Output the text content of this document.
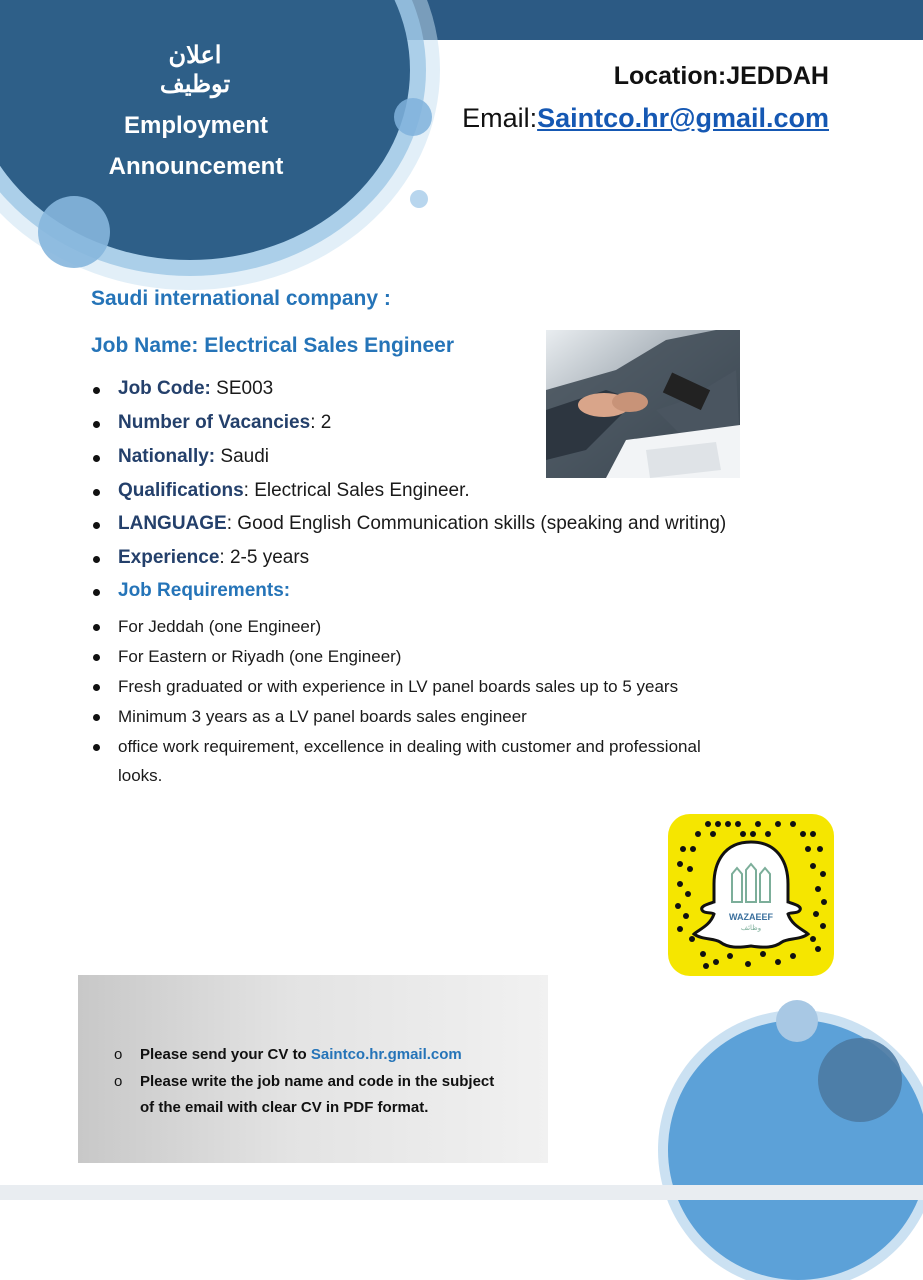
اعلان توظيف
Employment
Announcement
Location:JEDDAH
Email:Saintco.hr@gmail.com
Saudi international company :
Job Name: Electrical Sales Engineer
Job Code: SE003
Number of Vacancies: 2
Nationally: Saudi
Qualifications: Electrical Sales Engineer.
LANGUAGE: Good English Communication skills (speaking and writing)
Experience: 2-5 years
Job Requirements:
For Jeddah (one Engineer)
For Eastern or Riyadh (one Engineer)
Fresh graduated or with experience in LV panel boards sales up to 5 years
Minimum 3 years as a LV panel boards sales engineer
office work requirement, excellence in dealing with customer and professional
looks.
WAZAEEF
وظائف
o Please send your CV to Saintco.hr.gmail.com
o Please write the job name and code in the subject
of the email with clear CV in PDF format.
